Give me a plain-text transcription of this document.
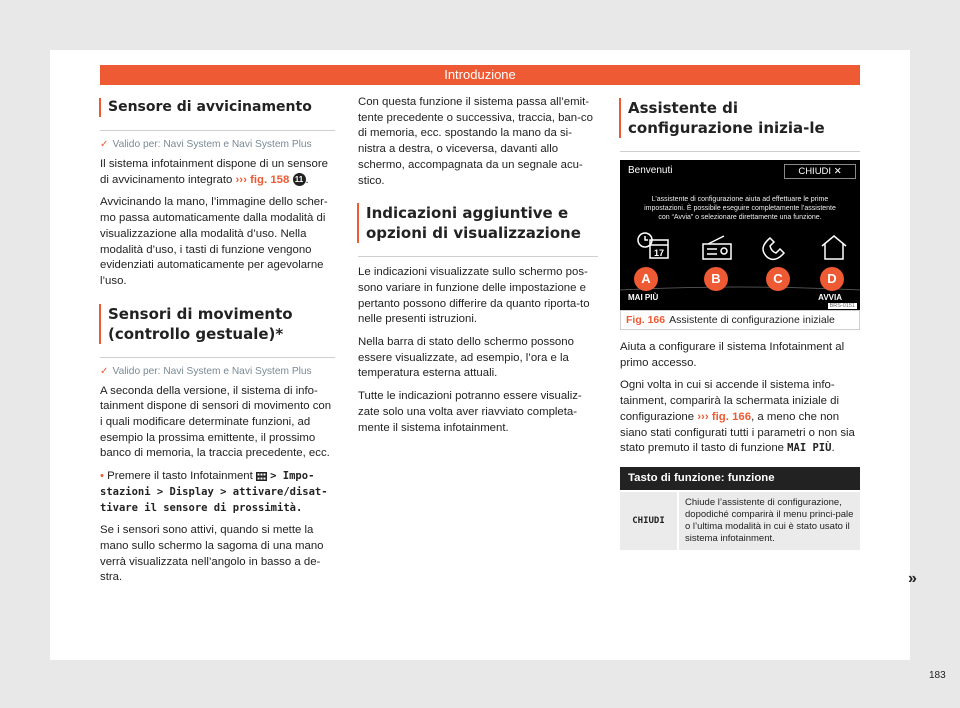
Introduzione
Sensore di avvicinamento
✓ Valido per: Navi System e Navi System Plus

Il sistema infotainment dispone di un sensore di avvicinamento integrato ››› fig. 158 11 .

Avvicinando la mano, l’immagine dello scher-mo passa automaticamente dalla modalità di visualizzazione alla modalità d’uso. Nella modalità d’uso, i tasti di funzione vengono evidenziati automaticamente per agevolarne l’uso.

Sensori di movimento (controllo gestuale)*
✓ Valido per: Navi System e Navi System Plus

A seconda della versione, il sistema di info-tainment dispone di sensori di movimento con i quali modificare determinate funzioni, ad esempio la prossima emittente, il prossimo banco di memoria, la traccia precedente, ecc.

• Premere il tasto Infotainment > Impo-stazioni > Display > attivare/disat-tivare il sensore di prossimità.

Se i sensori sono attivi, quando si mette la mano sullo schermo la sagoma di una mano verrà visualizzata nell’angolo in basso a de-stra.

Con questa funzione il sistema passa all’emit-tente precedente o successiva, traccia, ban-co di memoria, ecc. spostando la mano da si-nistra a destra, o viceversa, davanti allo schermo, accompagnata da un segnale acu-stico.

Indicazioni aggiuntive e opzioni di visualizzazione

Le indicazioni visualizzate sullo schermo pos-sono variare in funzione delle impostazione e pertanto possono differire da quanto riporta-to nelle presenti istruzioni.

Nella barra di stato dello schermo possono essere visualizzate, ad esempio, l’ora e la temperatura esterna attuali.

Tutte le indicazioni potranno essere visualiz-zate solo una volta aver riavviato completa-mente il sistema infotainment.

Assistente di configurazione inizia-le
Benvenuti	CHIUDI ✕
L’assistente di configurazione aiuta ad effettuare le prime impostazioni. È possibile eseguire completamente l’assistente con “Avvia” o selezionare direttamente una funzione.
17
A	B	C	D
MAI PIÙ	AVVIA
BRS-0151
Fig. 166 Assistente di configurazione iniziale

Aiuta a configurare il sistema Infotainment al primo accesso.

Ogni volta in cui si accende il sistema info-tainment, comparirà la schermata iniziale di configurazione ››› fig. 166, a meno che non siano stati configurati tutti i parametri o non sia stato premuto il tasto di funzione MAI PIÙ.

Tasto di funzione: funzione
CHIUDI	Chiude l’assistente di configurazione, dopodiché comparirà il menu princi-pale o l’ultima modalità in cui è stato usato il sistema infotainment.
»
183
